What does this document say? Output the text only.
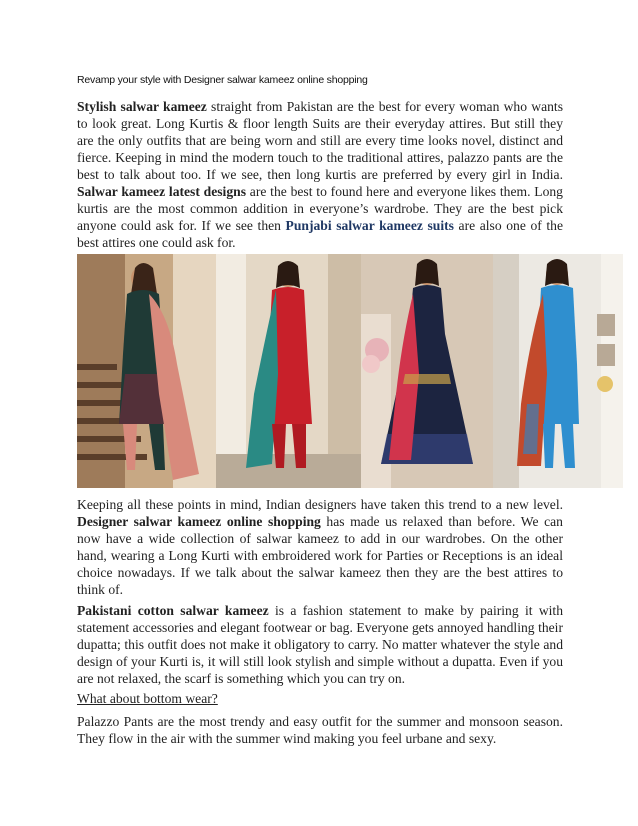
Revamp your style with Designer salwar kameez online shopping

Stylish salwar kameez straight from Pakistan are the best for every woman who wants to look great. Long Kurtis & floor length Suits are their everyday attires. But still they are the only outfits that are being worn and still are every time looks novel, distinct and fierce. Keeping in mind the modern touch to the traditional attires, palazzo pants are the best to talk about too. If we see, then long kurtis are preferred by every girl in India. Salwar kameez latest designs are the best to found here and everyone likes them. Long kurtis are the most common addition in everyone’s wardrobe. They are the best pick anyone could ask for. If we see then Punjabi salwar kameez suits are also one of the best attires one could ask for.

Keeping all these points in mind, Indian designers have taken this trend to a new level. Designer salwar kameez online shopping has made us relaxed than before. We can now have a wide collection of salwar kameez to add in our wardrobes. On the other hand, wearing a Long Kurti with embroidered work for Parties or Receptions is an ideal choice nowadays. If we talk about the salwar kameez then they are the best attires to think of.

Pakistani cotton salwar kameez is a fashion statement to make by pairing it with statement accessories and elegant footwear or bag. Everyone gets annoyed handling their dupatta; this outfit does not make it obligatory to carry. No matter whatever the style and design of your Kurti is, it will still look stylish and simple without a dupatta. Even if you are not relaxed, the scarf is something which you can try on.

What about bottom wear?

Palazzo Pants are the most trendy and easy outfit for the summer and monsoon season. They flow in the air with the summer wind making you feel urbane and sexy.
